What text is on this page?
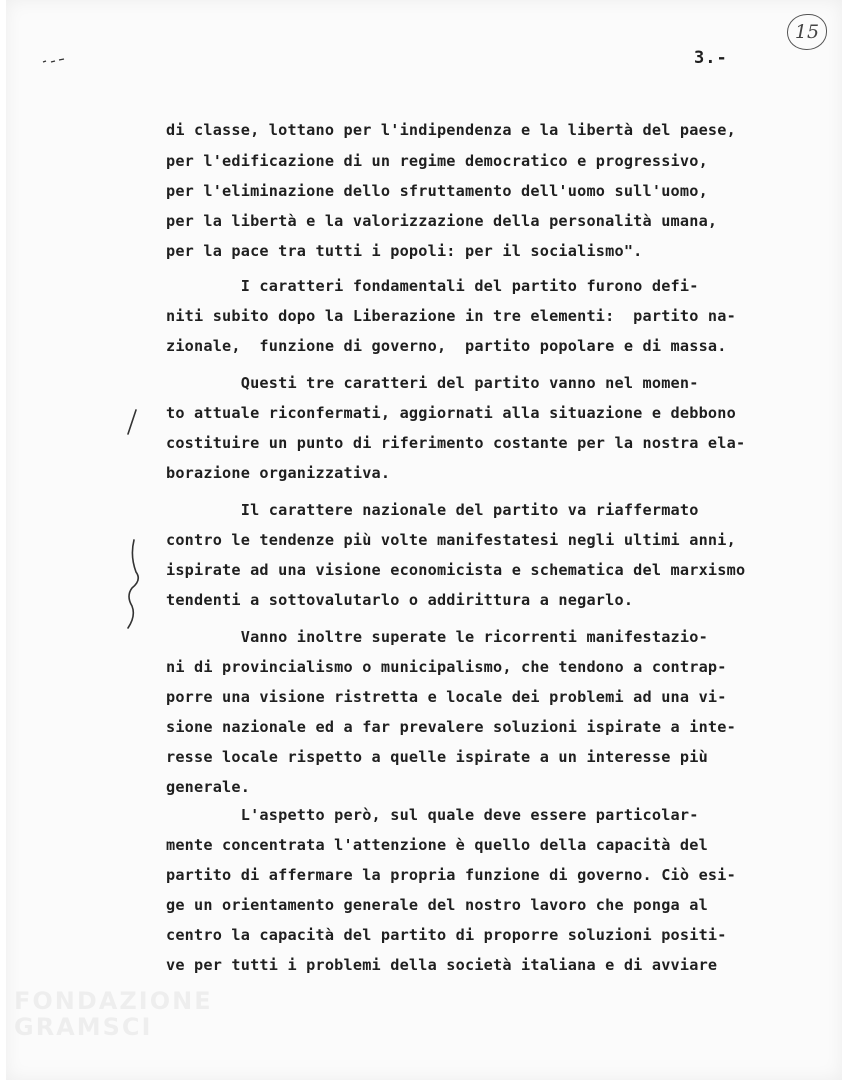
15
3.-
di classe, lottano per l'indipendenza e la libertà del paese,
per l'edificazione di un regime democratico e progressivo,
per l'eliminazione dello sfruttamento dell'uomo sull'uomo,
per la libertà e la valorizzazione della personalità umana,
per la pace tra tutti i popoli: per il socialismo".
I caratteri fondamentali del partito furono defi-
niti subito dopo la Liberazione in tre elementi:  partito na-
zionale,  funzione di governo,  partito popolare e di massa.
Questi tre caratteri del partito vanno nel momen-
to attuale riconfermati, aggiornati alla situazione e debbono
costituire un punto di riferimento costante per la nostra ela-
borazione organizzativa.
Il carattere nazionale del partito va riaffermato
contro le tendenze più volte manifestatesi negli ultimi anni,
ispirate ad una visione economicista e schematica del marxismo
tendenti a sottovalutarlo o addirittura a negarlo.
Vanno inoltre superate le ricorrenti manifestazio-
ni di provincialismo o municipalismo, che tendono a contrap-
porre una visione ristretta e locale dei problemi ad una vi-
sione nazionale ed a far prevalere soluzioni ispirate a inte-
resse locale rispetto a quelle ispirate a un interesse più
generale.
L'aspetto però, sul quale deve essere particolar-
mente concentrata l'attenzione è quello della capacità del
partito di affermare la propria funzione di governo. Ciò esi-
ge un orientamento generale del nostro lavoro che ponga al
centro la capacità del partito di proporre soluzioni positi-
ve per tutti i problemi della società italiana e di avviare
FONDAZIONE
GRAMSCI
